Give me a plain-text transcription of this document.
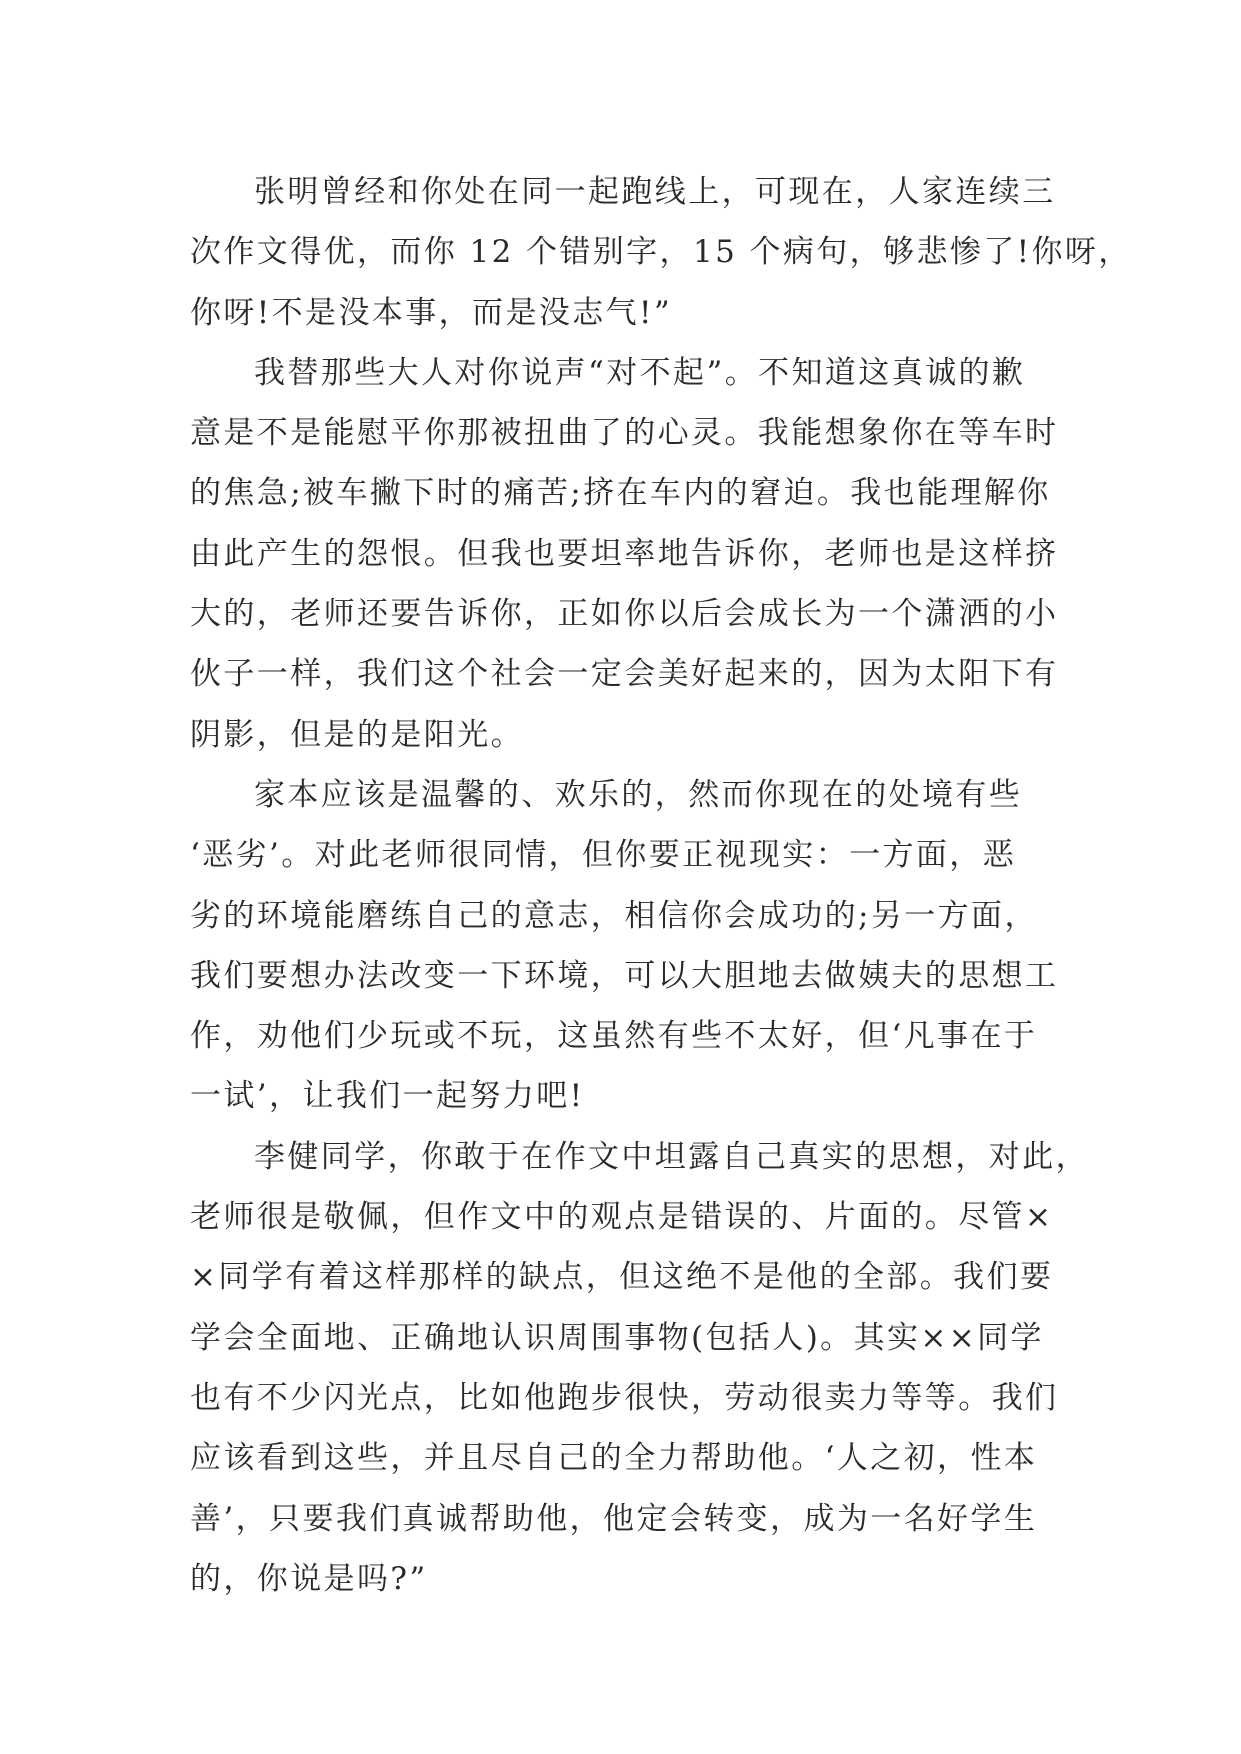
张明曾经和你处在同一起跑线上，可现在，人家连续三
次作文得优，而你 12 个错别字，15 个病句，够悲惨了!你呀，
你呀!不是没本事，而是没志气!”
我替那些大人对你说声“对不起”。不知道这真诚的歉
意是不是能慰平你那被扭曲了的心灵。我能想象你在等车时
的焦急;被车撇下时的痛苦;挤在车内的窘迫。我也能理解你
由此产生的怨恨。但我也要坦率地告诉你，老师也是这样挤
大的，老师还要告诉你，正如你以后会成长为一个潇洒的小
伙子一样，我们这个社会一定会美好起来的，因为太阳下有
阴影，但是的是阳光。
家本应该是温馨的、欢乐的，然而你现在的处境有些
‘恶劣’。对此老师很同情，但你要正视现实：一方面，恶
劣的环境能磨练自己的意志，相信你会成功的;另一方面，
我们要想办法改变一下环境，可以大胆地去做姨夫的思想工
作，劝他们少玩或不玩，这虽然有些不太好，但‘凡事在于
一试’，让我们一起努力吧!
李健同学，你敢于在作文中坦露自己真实的思想，对此，
老师很是敬佩，但作文中的观点是错误的、片面的。尽管×
×同学有着这样那样的缺点，但这绝不是他的全部。我们要
学会全面地、正确地认识周围事物(包括人)。其实××同学
也有不少闪光点，比如他跑步很快，劳动很卖力等等。我们
应该看到这些，并且尽自己的全力帮助他。‘人之初，性本
善’，只要我们真诚帮助他，他定会转变，成为一名好学生
的，你说是吗?”
